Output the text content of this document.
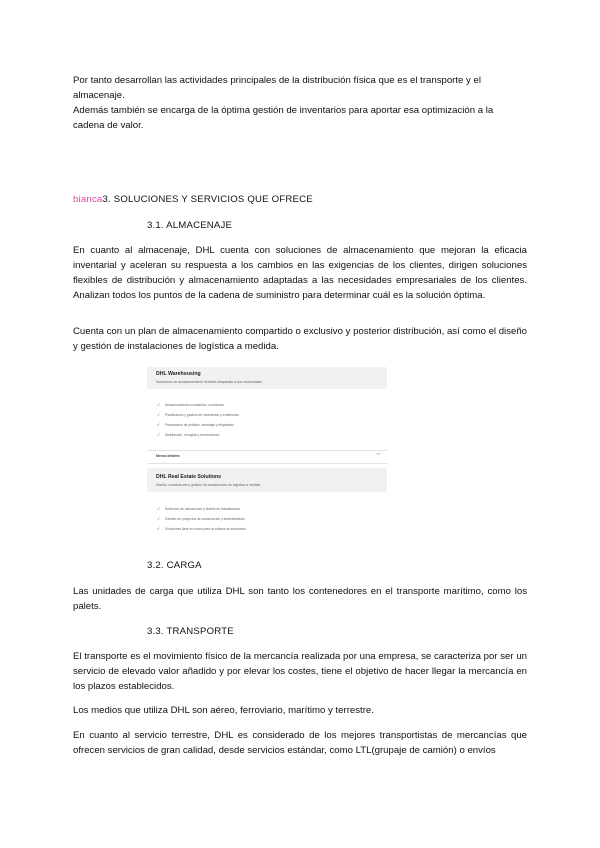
Por tanto desarrollan las actividades principales de la distribución física que es el transporte y el almacenaje.

Además también se encarga de la óptima gestión de inventarios para aportar esa optimización a la cadena de valor.

bianca3. SOLUCIONES Y SERVICIOS QUE OFRECE

3.1. ALMACENAJE

En cuanto al almacenaje, DHL cuenta con soluciones de almacenamiento que mejoran la eficacia inventarial y aceleran su respuesta a los cambios en las exigencias de los clientes, dirigen soluciones flexibles de distribución y almacenamiento adaptadas a las necesidades empresariales de los clientes. Analizan todos los puntos de la cadena de suministro para determinar cuál es la solución óptima.

Cuenta con un plan de almacenamiento compartido o exclusivo y posterior distribución, así como el diseño y gestión de instalaciones de logística a medida.

DHL Warehousing
Soluciones de almacenamiento flexibles adaptadas a sus necesidades
✓ Almacenamiento compartido o exclusivo
✓ Planificación y gestión de inventarios y existencias
✓ Preparación de pedidos, embalaje y etiquetado
✓ Distribución, recogida y devoluciones
Menos detalles	⌵
DHL Real Estate Solutions
Diseño, construcción y gestión de instalaciones de logística a medida
✓ Selección de ubicaciones y diseño de instalaciones
✓ Gestión de proyectos de construcción y arrendamiento
✓ Soluciones llave en mano para la cadena de suministro

3.2. CARGA

Las unidades de carga que utiliza DHL son tanto los contenedores en el transporte marítimo, como los palets.

3.3. TRANSPORTE

El transporte es el movimiento físico de la mercancía realizada por una empresa, se caracteriza por ser un servicio de elevado valor añadido y por elevar los costes, tiene el objetivo de hacer llegar la mercancía en los plazos establecidos.

Los medios que utiliza DHL son aéreo, ferroviario, marítimo y terrestre.

En cuanto al servicio terrestre, DHL es considerado de los mejores transportistas de mercancías que ofrecen servicios de gran calidad, desde servicios estándar, como LTL(grupaje de camión) o envíos
